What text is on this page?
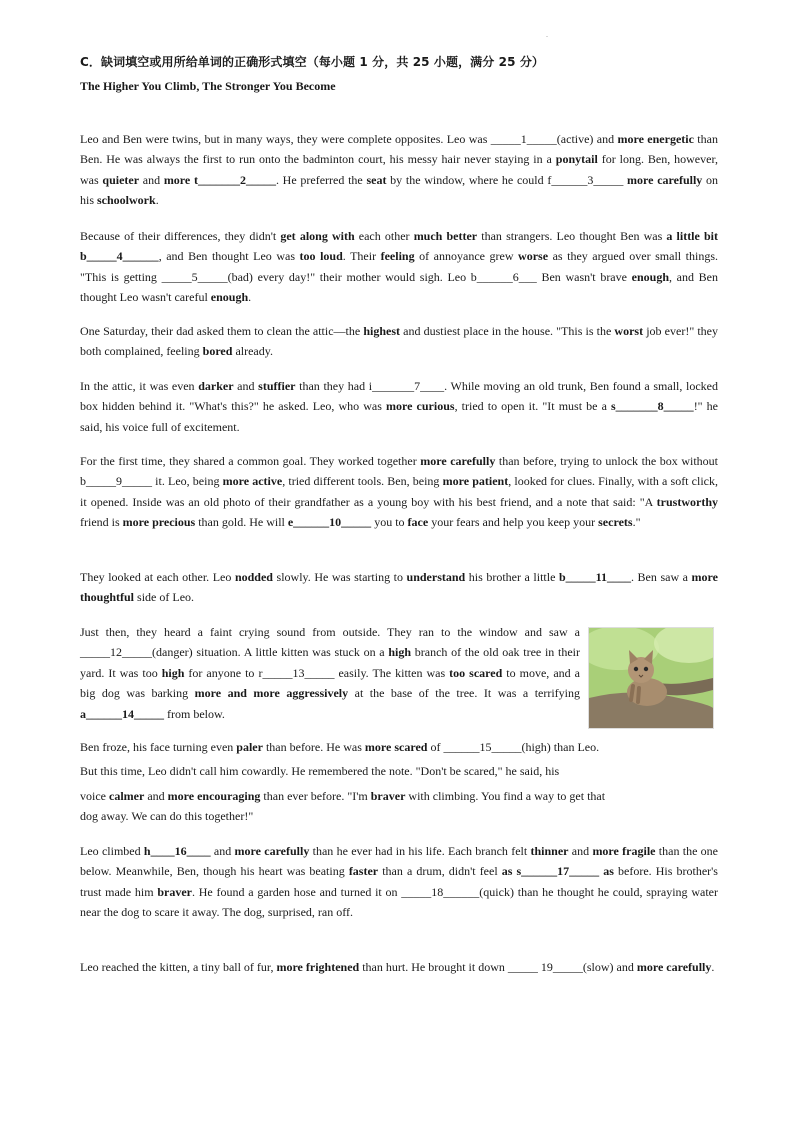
.
C．缺词填空或用所给单词的正确形式填空（每小题 1 分，共 25 小题，满分 25 分）
The Higher You Climb, The Stronger You Become
Leo and Ben were twins, but in many ways, they were complete opposites. Leo was _____1_____(active) and more energetic than Ben. He was always the first to run onto the badminton court, his messy hair never staying in a ponytail for long. Ben, however, was quieter and more t_______2_____. He preferred the seat by the window, where he could f______3_____ more carefully on his schoolwork.
Because of their differences, they didn't get along with each other much better than strangers. Leo thought Ben was a little bit b_____4______, and Ben thought Leo was too loud. Their feeling of annoyance grew worse as they argued over small things. "This is getting _____5_____(bad) every day!" their mother would sigh. Leo b______6___ Ben wasn't brave enough, and Ben thought Leo wasn't careful enough.
One Saturday, their dad asked them to clean the attic—the highest and dustiest place in the house. "This is the worst job ever!" they both complained, feeling bored already.
In the attic, it was even darker and stuffier than they had i_______7____. While moving an old trunk, Ben found a small, locked box hidden behind it. "What's this?" he asked. Leo, who was more curious, tried to open it. "It must be a s_______8_____!" he said, his voice full of excitement.
For the first time, they shared a common goal. They worked together more carefully than before, trying to unlock the box without b_____9_____ it. Leo, being more active, tried different tools. Ben, being more patient, looked for clues. Finally, with a soft click, it opened. Inside was an old photo of their grandfather as a young boy with his best friend, and a note that said: "A trustworthy friend is more precious than gold. He will e______10_____ you to face your fears and help you keep your secrets."
They looked at each other. Leo nodded slowly. He was starting to understand his brother a little b_____11____. Ben saw a more thoughtful side of Leo.
Just then, they heard a faint crying sound from outside. They ran to the window and saw a _____12_____(danger) situation. A little kitten was stuck on a high branch of the old oak tree in their yard. It was too high for anyone to r_____13_____ easily. The kitten was too scared to move, and a big dog was barking more and more aggressively at the base of the tree. It was a terrifying a______14_____ from below.
Ben froze, his face turning even paler than before. He was more scared of ______15_____(high) than Leo.
But this time, Leo didn't call him cowardly. He remembered the note. "Don't be scared," he said, his
voice calmer and more encouraging than ever before. "I'm braver with climbing. You find a way to get that
dog away. We can do this together!"
Leo climbed h____16____ and more carefully than he ever had in his life. Each branch felt thinner and more fragile than the one below. Meanwhile, Ben, though his heart was beating faster than a drum, didn't feel as s______17_____ as before. His brother's trust made him braver. He found a garden hose and turned it on _____18______(quick) than he thought he could, spraying water near the dog to scare it away. The dog, surprised, ran off.
Leo reached the kitten, a tiny ball of fur, more frightened than hurt. He brought it down _____ 19_____(slow) and more carefully.
